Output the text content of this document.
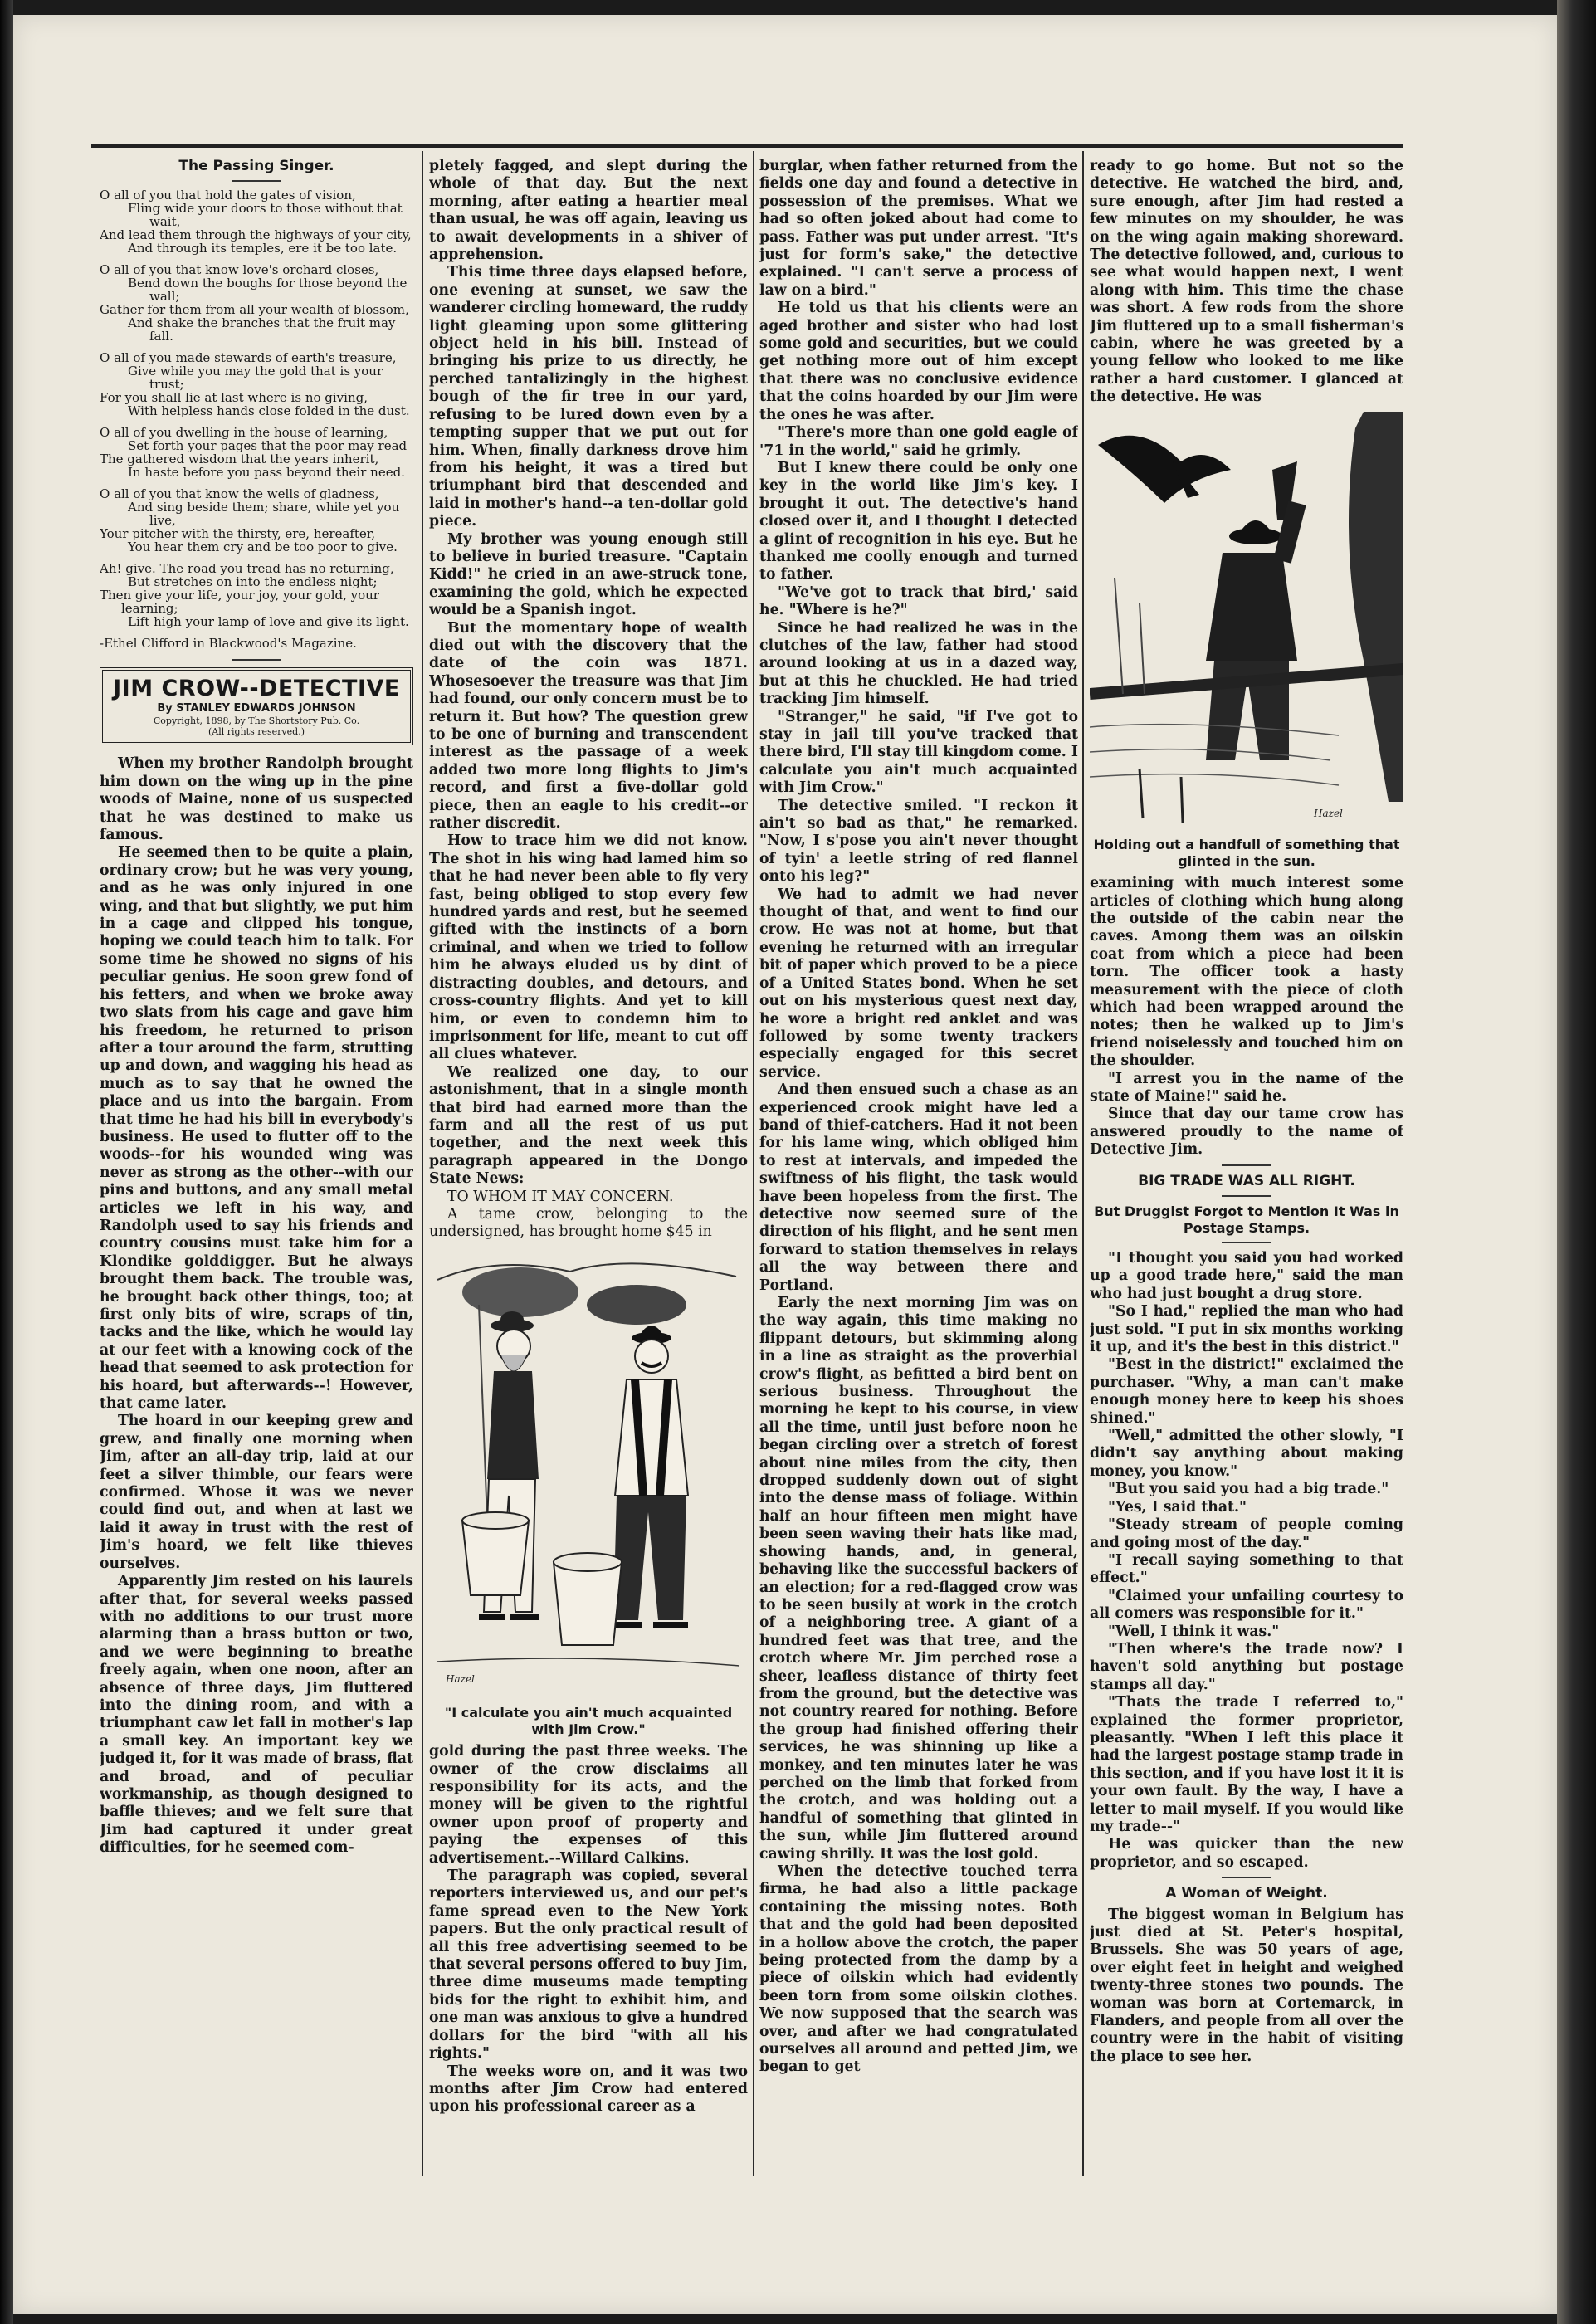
The Passing Singer.
O all of you that hold the gates of vision,
Fling wide your doors to those without that wait,
And lead them through the highways of your city,
And through its temples, ere it be too late.
O all of you that know love's orchard closes,
Bend down the boughs for those beyond the wall;
Gather for them from all your wealth of blossom,
And shake the branches that the fruit may fall.
O all of you made stewards of earth's treasure,
Give while you may the gold that is your trust;
For you shall lie at last where is no giving,
With helpless hands close folded in the dust.
O all of you dwelling in the house of learning,
Set forth your pages that the poor may read
The gathered wisdom that the years inherit,
In haste before you pass beyond their need.
O all of you that know the wells of gladness,
And sing beside them; share, while yet you live,
Your pitcher with the thirsty, ere, hereafter,
You hear them cry and be too poor to give.
Ah! give. The road you tread has no returning,
But stretches on into the endless night;
Then give your life, your joy, your gold, your learning;
Lift high your lamp of love and give its light.

-Ethel Clifford in Blackwood's Magazine.

JIM CROW--DETECTIVE
By STANLEY EDWARDS JOHNSON
Copyright, 1898, by The Shortstory Pub. Co.
(All rights reserved.)

When my brother Randolph brought him down on the wing up in the pine woods of Maine, none of us suspected that he was destined to make us famous.

He seemed then to be quite a plain, ordinary crow; but he was very young, and as he was only injured in one wing, and that but slightly, we put him in a cage and clipped his tongue, hoping we could teach him to talk. For some time he showed no signs of his peculiar genius. He soon grew fond of his fetters, and when we broke away two slats from his cage and gave him his freedom, he returned to prison after a tour around the farm, strutting up and down, and wagging his head as much as to say that he owned the place and us into the bargain. From that time he had his bill in everybody's business. He used to flutter off to the woods--for his wounded wing was never as strong as the other--with our pins and buttons, and any small metal articles we left in his way, and Randolph used to say his friends and country cousins must take him for a Klondike golddigger. But he always brought them back. The trouble was, he brought back other things, too; at first only bits of wire, scraps of tin, tacks and the like, which he would lay at our feet with a knowing cock of the head that seemed to ask protection for his hoard, but afterwards--! However, that came later.

The hoard in our keeping grew and grew, and finally one morning when Jim, after an all-day trip, laid at our feet a silver thimble, our fears were confirmed. Whose it was we never could find out, and when at last we laid it away in trust with the rest of Jim's hoard, we felt like thieves ourselves.

Apparently Jim rested on his laurels after that, for several weeks passed with no additions to our trust more alarming than a brass button or two, and we were beginning to breathe freely again, when one noon, after an absence of three days, Jim fluttered into the dining room, and with a triumphant caw let fall in mother's lap a small key. An important key we judged it, for it was made of brass, flat and broad, and of peculiar workmanship, as though designed to baffle thieves; and we felt sure that Jim had captured it under great difficulties, for he seemed com-

pletely fagged, and slept during the whole of that day. But the next morning, after eating a heartier meal than usual, he was off again, leaving us to await developments in a shiver of apprehension.

This time three days elapsed before, one evening at sunset, we saw the wanderer circling homeward, the ruddy light gleaming upon some glittering object held in his bill. Instead of bringing his prize to us directly, he perched tantalizingly in the highest bough of the fir tree in our yard, refusing to be lured down even by a tempting supper that we put out for him. When, finally darkness drove him from his height, it was a tired but triumphant bird that descended and laid in mother's hand--a ten-dollar gold piece.

My brother was young enough still to believe in buried treasure. "Captain Kidd!" he cried in an awe-struck tone, examining the gold, which he expected would be a Spanish ingot.

But the momentary hope of wealth died out with the discovery that the date of the coin was 1871. Whosesoever the treasure was that Jim had found, our only concern must be to return it. But how? The question grew to be one of burning and transcendent interest as the passage of a week added two more long flights to Jim's record, and first a five-dollar gold piece, then an eagle to his credit--or rather discredit.

How to trace him we did not know. The shot in his wing had lamed him so that he had never been able to fly very fast, being obliged to stop every few hundred yards and rest, but he seemed gifted with the instincts of a born criminal, and when we tried to follow him he always eluded us by dint of distracting doubles, and detours, and cross-country flights. And yet to kill him, or even to condemn him to imprisonment for life, meant to cut off all clues whatever.

We realized one day, to our astonishment, that in a single month that bird had earned more than the farm and all the rest of us put together, and the next week this paragraph appeared in the Dongo State News:

TO WHOM IT MAY CONCERN.

A tame crow, belonging to the undersigned, has brought home $45 in

Hazel
"I calculate you ain't much acquainted with Jim Crow."

gold during the past three weeks. The owner of the crow disclaims all responsibility for its acts, and the money will be given to the rightful owner upon proof of property and paying the expenses of this advertisement.--Willard Calkins.

The paragraph was copied, several reporters interviewed us, and our pet's fame spread even to the New York papers. But the only practical result of all this free advertising seemed to be that several persons offered to buy Jim, three dime museums made tempting bids for the right to exhibit him, and one man was anxious to give a hundred dollars for the bird "with all his rights."

The weeks wore on, and it was two months after Jim Crow had entered upon his professional career as a

burglar, when father returned from the fields one day and found a detective in possession of the premises. What we had so often joked about had come to pass. Father was put under arrest. "It's just for form's sake," the detective explained. "I can't serve a process of law on a bird."

He told us that his clients were an aged brother and sister who had lost some gold and securities, but we could get nothing more out of him except that there was no conclusive evidence that the coins hoarded by our Jim were the ones he was after.

"There's more than one gold eagle of '71 in the world," said he grimly.

But I knew there could be only one key in the world like Jim's key. I brought it out. The detective's hand closed over it, and I thought I detected a glint of recognition in his eye. But he thanked me coolly enough and turned to father.

"We've got to track that bird,' said he. "Where is he?"

Since he had realized he was in the clutches of the law, father had stood around looking at us in a dazed way, but at this he chuckled. He had tried tracking Jim himself.

"Stranger," he said, "if I've got to stay in jail till you've tracked that there bird, I'll stay till kingdom come. I calculate you ain't much acquainted with Jim Crow."

The detective smiled. "I reckon it ain't so bad as that," he remarked. "Now, I s'pose you ain't never thought of tyin' a leetle string of red flannel onto his leg?"

We had to admit we had never thought of that, and went to find our crow. He was not at home, but that evening he returned with an irregular bit of paper which proved to be a piece of a United States bond. When he set out on his mysterious quest next day, he wore a bright red anklet and was followed by some twenty trackers especially engaged for this secret service.

And then ensued such a chase as an experienced crook might have led a band of thief-catchers. Had it not been for his lame wing, which obliged him to rest at intervals, and impeded the swiftness of his flight, the task would have been hopeless from the first. The detective now seemed sure of the direction of his flight, and he sent men forward to station themselves in relays all the way between there and Portland.

Early the next morning Jim was on the way again, this time making no flippant detours, but skimming along in a line as straight as the proverbial crow's flight, as befitted a bird bent on serious business. Throughout the morning he kept to his course, in view all the time, until just before noon he began circling over a stretch of forest about nine miles from the city, then dropped suddenly down out of sight into the dense mass of foliage. Within half an hour fifteen men might have been seen waving their hats like mad, showing hands, and, in general, behaving like the successful backers of an election; for a red-flagged crow was to be seen busily at work in the crotch of a neighboring tree. A giant of a hundred feet was that tree, and the crotch where Mr. Jim perched rose a sheer, leafless distance of thirty feet from the ground, but the detective was not country reared for nothing. Before the group had finished offering their services, he was shinning up like a monkey, and ten minutes later he was perched on the limb that forked from the crotch, and was holding out a handful of something that glinted in the sun, while Jim fluttered around cawing shrilly. It was the lost gold.

When the detective touched terra firma, he had also a little package containing the missing notes. Both that and the gold had been deposited in a hollow above the crotch, the paper being protected from the damp by a piece of oilskin which had evidently been torn from some oilskin clothes. We now supposed that the search was over, and after we had congratulated ourselves all around and petted Jim, we began to get

ready to go home. But not so the detective. He watched the bird, and, sure enough, after Jim had rested a few minutes on my shoulder, he was on the wing again making shoreward. The detective followed, and, curious to see what would happen next, I went along with him. This time the chase was short. A few rods from the shore Jim fluttered up to a small fisherman's cabin, where he was greeted by a young fellow who looked to me like rather a hard customer. I glanced at the detective. He was

Hazel
Holding out a handfull of something that glinted in the sun.

examining with much interest some articles of clothing which hung along the outside of the cabin near the caves. Among them was an oilskin coat from which a piece had been torn. The officer took a hasty measurement with the piece of cloth which had been wrapped around the notes; then he walked up to Jim's friend noiselessly and touched him on the shoulder.

"I arrest you in the name of the state of Maine!" said he.

Since that day our tame crow has answered proudly to the name of Detective Jim.

BIG TRADE WAS ALL RIGHT.
But Druggist Forgot to Mention It Was in Postage Stamps.

"I thought you said you had worked up a good trade here," said the man who had just bought a drug store.

"So I had," replied the man who had just sold. "I put in six months working it up, and it's the best in this district."

"Best in the district!" exclaimed the purchaser. "Why, a man can't make enough money here to keep his shoes shined."

"Well," admitted the other slowly, "I didn't say anything about making money, you know."

"But you said you had a big trade."

"Yes, I said that."

"Steady stream of people coming and going most of the day."

"I recall saying something to that effect."

"Claimed your unfailing courtesy to all comers was responsible for it."

"Well, I think it was."

"Then where's the trade now? I haven't sold anything but postage stamps all day."

"Thats the trade I referred to," explained the former proprietor, pleasantly. "When I left this place it had the largest postage stamp trade in this section, and if you have lost it it is your own fault. By the way, I have a letter to mail myself. If you would like my trade--"

He was quicker than the new proprietor, and so escaped.

A Woman of Weight.

The biggest woman in Belgium has just died at St. Peter's hospital, Brussels. She was 50 years of age, over eight feet in height and weighed twenty-three stones two pounds. The woman was born at Cortemarck, in Flanders, and people from all over the country were in the habit of visiting the place to see her.
